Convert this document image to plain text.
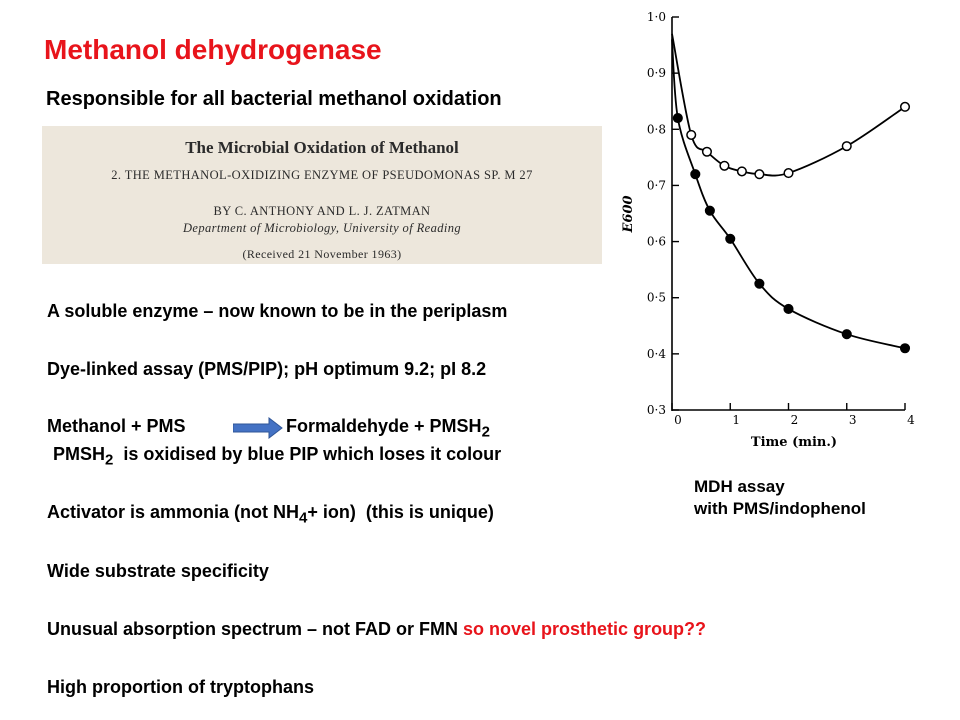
Methanol dehydrogenase
Responsible for all bacterial methanol oxidation
The Microbial Oxidation of Methanol
2. THE METHANOL-OXIDIZING ENZYME OF PSEUDOMONAS SP. M 27
BY C. ANTHONY AND L. J. ZATMAN
Department of Microbiology, University of Reading
(Received 21 November 1963)
A soluble enzyme – now known to be in the periplasm
Dye-linked assay (PMS/PIP); pH optimum 9.2; pI 8.2
Methanol + PMS	→ Formaldehyde + $PMSH_2$
$PMSH_2$  is oxidised by blue PIP which loses it colour
Activator is ammonia (not $NH_4+ ion$)  (this is unique)
Wide substrate specificity
Unusual absorption spectrum – not FAD or FMN so novel prosthetic group??
High proportion of tryptophans
0·3
0·4
0·5
0·6
0·7
0·8
0·9
1·0
0	1	2	3	4
Time (min.)
E600
MDH assay
with PMS/indophenol
